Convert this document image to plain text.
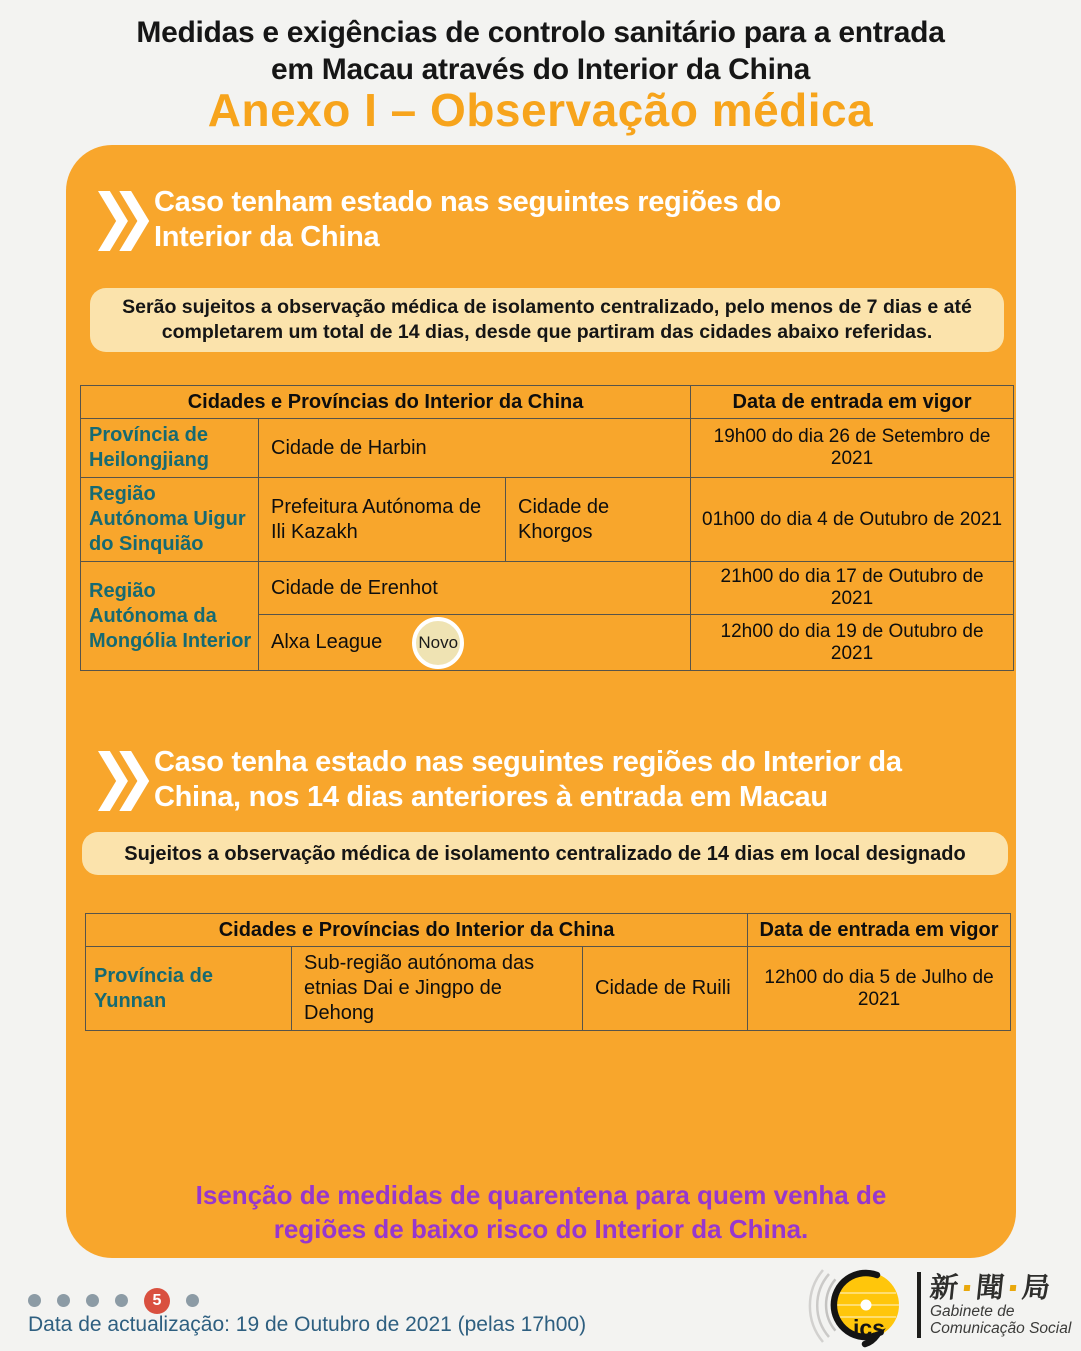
Medidas e exigências de controlo sanitário para a entrada
em Macau através do Interior da China
Anexo I – Observação médica
Caso tenham estado nas seguintes regiões do
Interior da China
Serão sujeitos a observação médica de isolamento centralizado, pelo menos de 7 dias e até completarem um total de 14 dias, desde que partiram das cidades abaixo referidas.
Cidades e Províncias do Interior da China			Data de entrada em vigor
Província de Heilongjiang	Cidade de Harbin		19h00 do dia 26 de Setembro de 2021
Região Autónoma Uigur do Sinquião	Prefeitura Autónoma de Ili Kazakh	Cidade de Khorgos	01h00 do dia 4 de Outubro de 2021
Região Autónoma da Mongólia Interior	Cidade de Erenhot		21h00 do dia 17 de Outubro de 2021

	Alxa League Novo		12h00 do dia 19 de Outubro de 2021
Caso tenha estado nas seguintes regiões do Interior da
China, nos 14 dias anteriores à entrada em Macau
Sujeitos a observação médica de isolamento centralizado de 14 dias em local designado
Cidades e Províncias do Interior da China			Data de entrada em vigor
Província de Yunnan	Sub-região autónoma das etnias Dai e Jingpo de Dehong	Cidade de Ruili	12h00 do dia 5 de Julho de 2021
Isenção de medidas de quarentena para quem venha de
regiões de baixo risco do Interior da China.
5
Data de actualização: 19 de Outubro de 2021 (pelas 17h00)	ics
新 聞 局
Gabinete de
Comunicação Social
